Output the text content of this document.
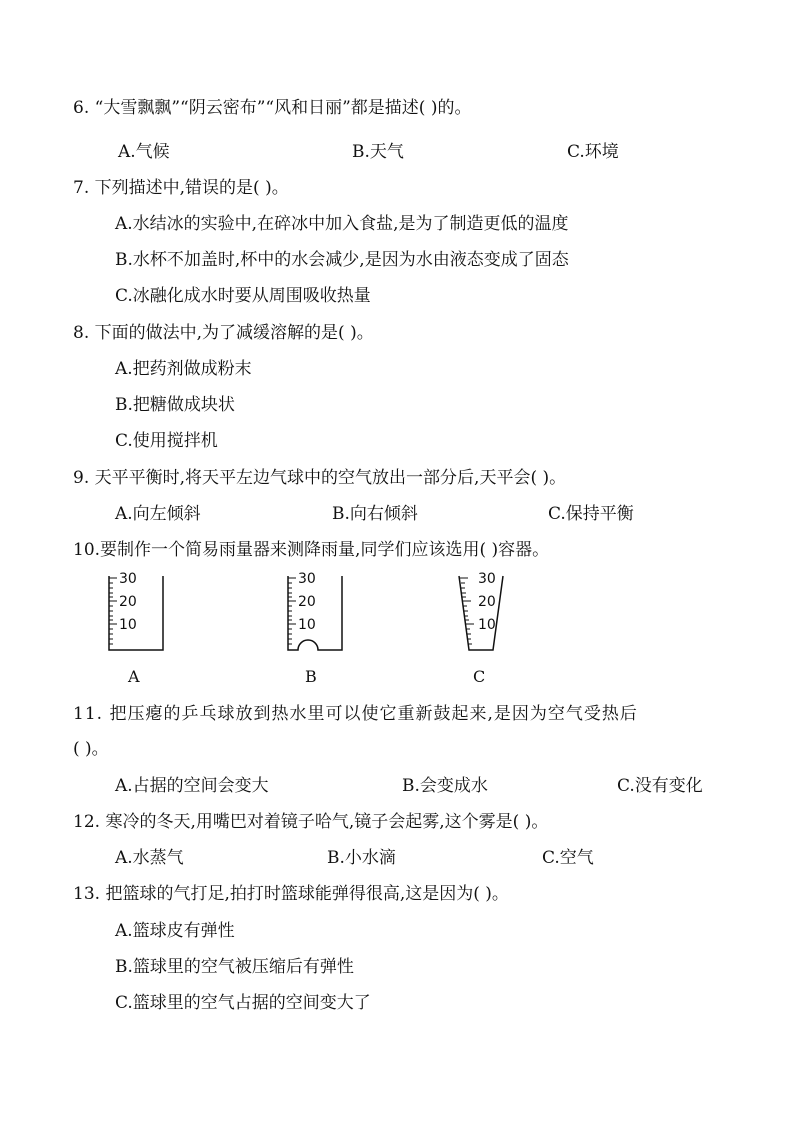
6. “大雪飘飘”“阴云密布”“风和日丽”都是描述( )的。
A.气候	B.天气	C.环境
7. 下列描述中,错误的是( )。
A.水结冰的实验中,在碎冰中加入食盐,是为了制造更低的温度
B.水杯不加盖时,杯中的水会减少,是因为水由液态变成了固态
C.冰融化成水时要从周围吸收热量
8. 下面的做法中,为了减缓溶解的是( )。
A.把药剂做成粉末
B.把糖做成块状
C.使用搅拌机
9. 天平平衡时,将天平左边气球中的空气放出一部分后,天平会( )。
A.向左倾斜	B.向右倾斜	C.保持平衡
10.要制作一个简易雨量器来测降雨量,同学们应该选用( )容器。
30
20
10
30
20
10
30
20
10
A	B	C
11. 把压瘪的乒乓球放到热水里可以使它重新鼓起来,是因为空气受热后
( )。
A.占据的空间会变大	B.会变成水	C.没有变化
12. 寒冷的冬天,用嘴巴对着镜子哈气,镜子会起雾,这个雾是( )。
A.水蒸气	B.小水滴	C.空气
13. 把篮球的气打足,拍打时篮球能弹得很高,这是因为( )。
A.篮球皮有弹性
B.篮球里的空气被压缩后有弹性
C.篮球里的空气占据的空间变大了
